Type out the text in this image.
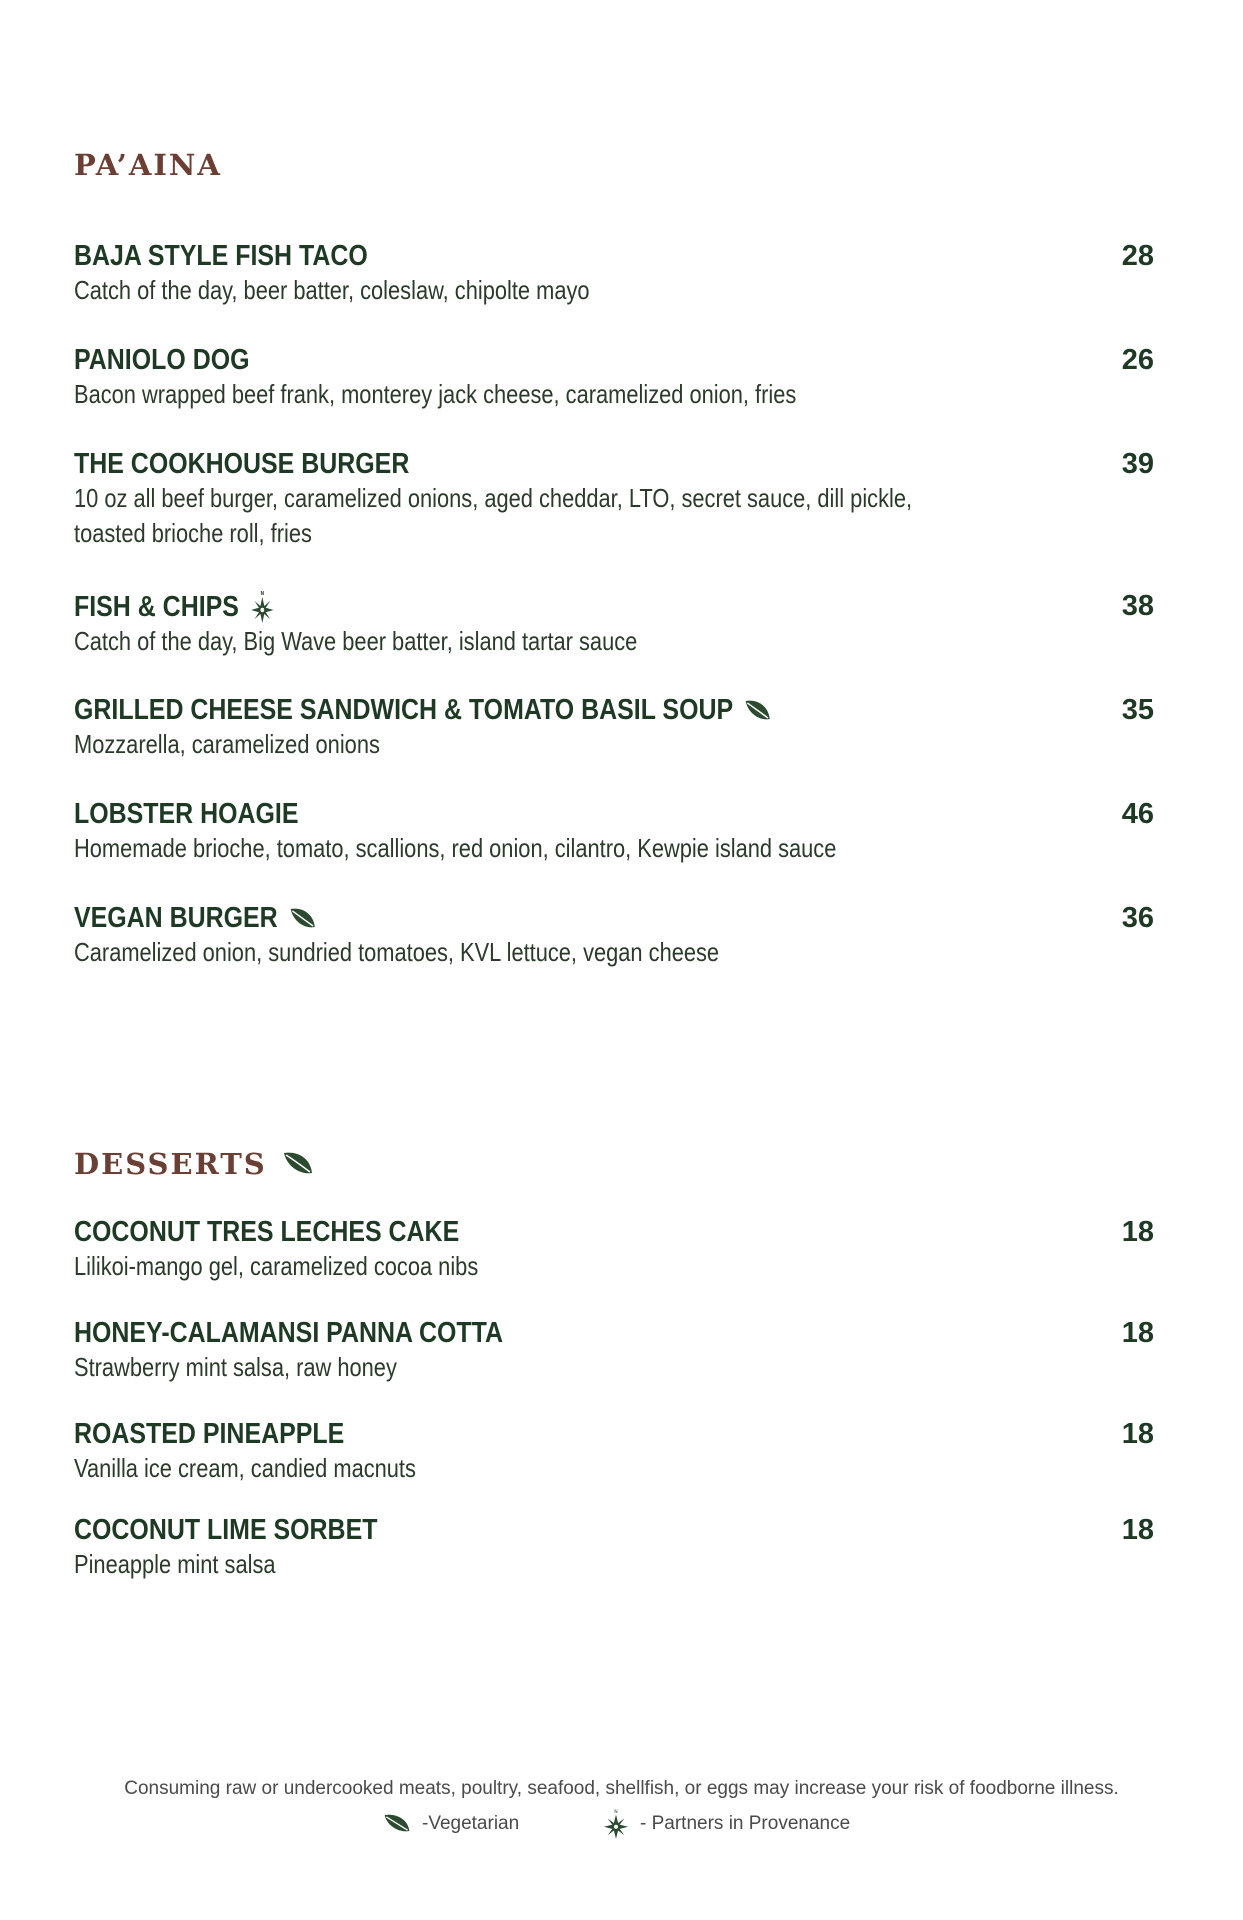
PA’AINA
BAJA STYLE FISH TACO
Catch of the day, beer batter, coleslaw, chipolte mayo
28
PANIOLO DOG
Bacon wrapped beef frank, monterey jack cheese, caramelized onion, fries
26
THE COOKHOUSE BURGER
10 oz all beef burger, caramelized onions, aged cheddar, LTO, secret sauce, dill pickle,
toasted brioche roll, fries
39
FISH & CHIPS	N
Catch of the day, Big Wave beer batter, island tartar sauce
38
GRILLED CHEESE SANDWICH & TOMATO BASIL SOUP
Mozzarella, caramelized onions
35
LOBSTER HOAGIE
Homemade brioche, tomato, scallions, red onion, cilantro, Kewpie island sauce
46
VEGAN BURGER
Caramelized onion, sundried tomatoes, KVL lettuce, vegan cheese
36
DESSERTS
COCONUT TRES LECHES CAKE
Lilikoi-mango gel, caramelized cocoa nibs
18
HONEY-CALAMANSI PANNA COTTA
Strawberry mint salsa, raw honey
18
ROASTED PINEAPPLE
Vanilla ice cream, candied macnuts
18
COCONUT LIME SORBET
Pineapple mint salsa
18
Consuming raw or undercooked meats, poultry, seafood, shellfish, or eggs may increase your risk of foodborne illness.
-Vegetarian
N
- Partners in Provenance
